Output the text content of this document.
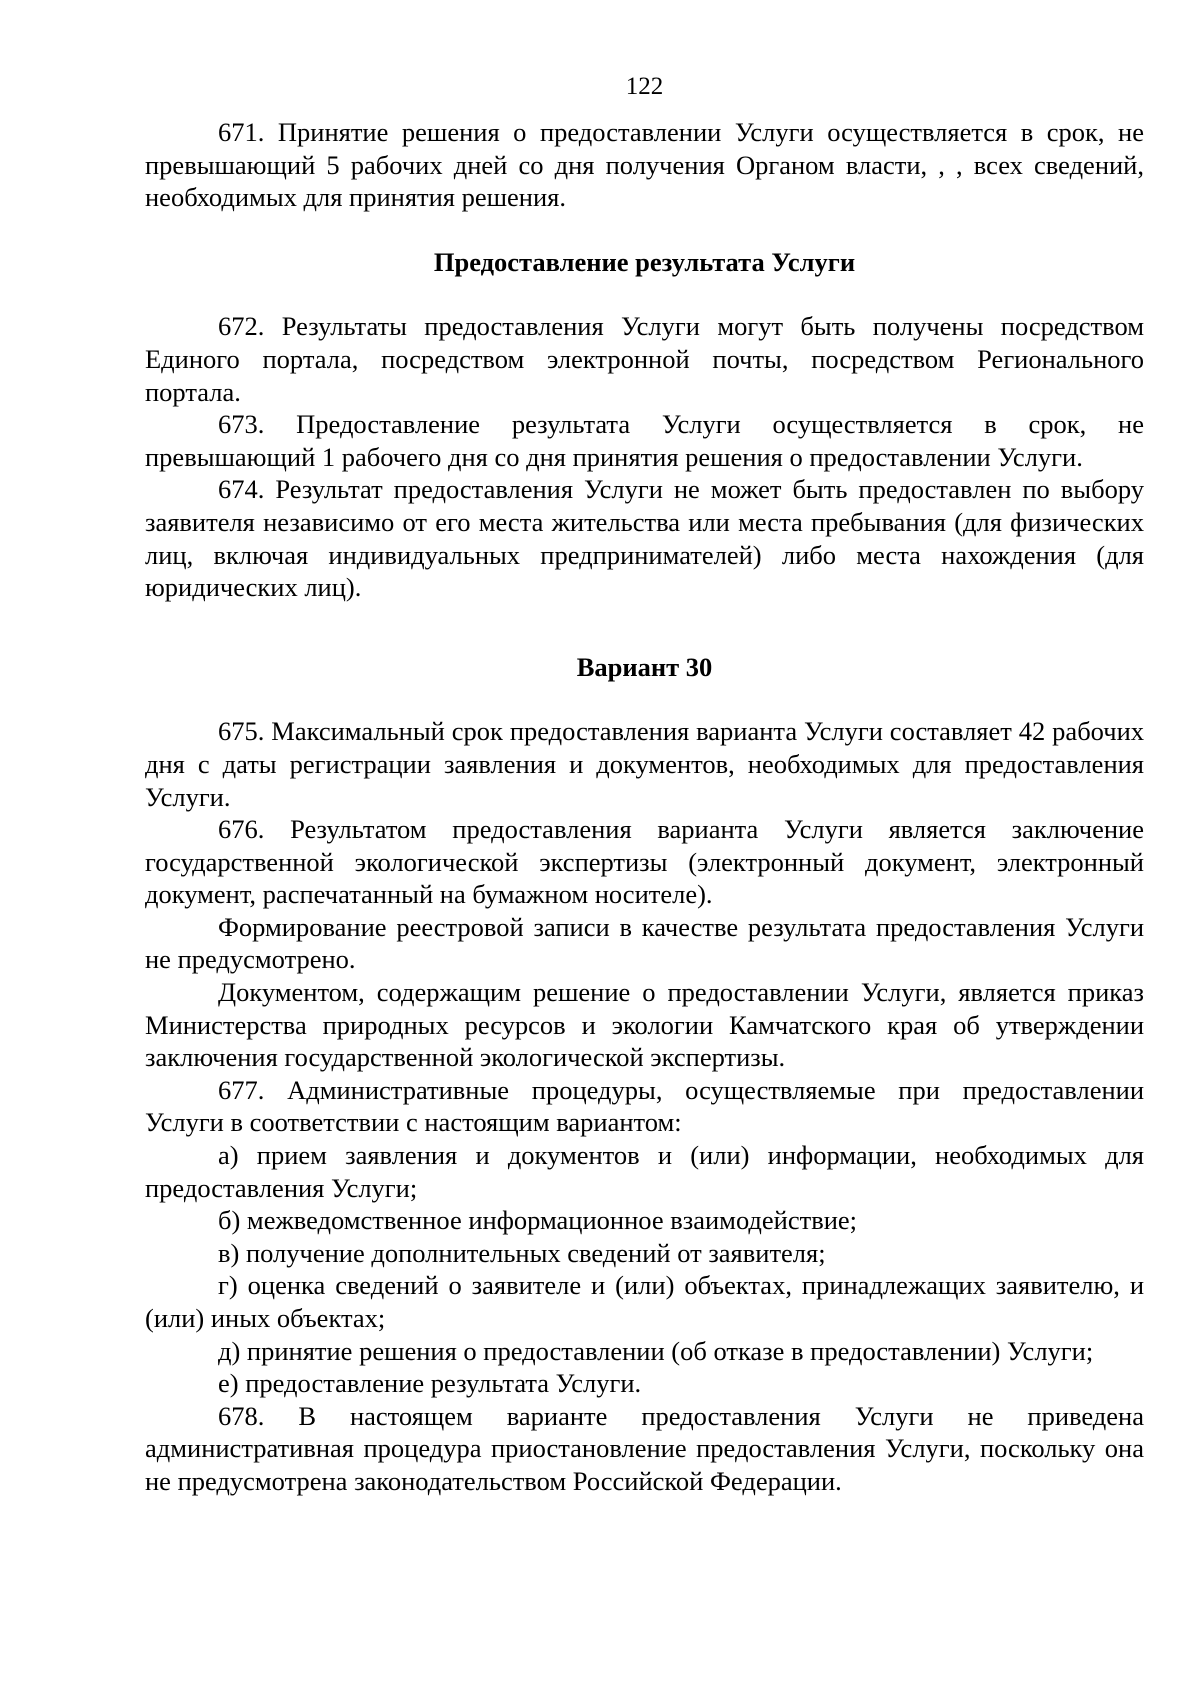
122

671. Принятие решения о предоставлении Услуги осуществляется в срок, не превышающий 5 рабочих дней со дня получения Органом власти, , , всех сведений, необходимых для принятия решения.

Предоставление результата Услуги

672. Результаты предоставления Услуги могут быть получены посредством Единого портала, посредством электронной почты, посредством Регионального портала.

673. Предоставление результата Услуги осуществляется в срок, не превышающий 1 рабочего дня со дня принятия решения о предоставлении Услуги.

674. Результат предоставления Услуги не может быть предоставлен по выбору заявителя независимо от его места жительства или места пребывания (для физических лиц, включая индивидуальных предпринимателей) либо места нахождения (для юридических лиц).

Вариант 30

675. Максимальный срок предоставления варианта Услуги составляет 42 рабочих дня с даты регистрации заявления и документов, необходимых для предоставления Услуги.

676. Результатом предоставления варианта Услуги является заключение государственной экологической экспертизы (электронный документ, электронный документ, распечатанный на бумажном носителе).

Формирование реестровой записи в качестве результата предоставления Услуги не предусмотрено.

Документом, содержащим решение о предоставлении Услуги, является приказ Министерства природных ресурсов и экологии Камчатского края об утверждении заключения государственной экологической экспертизы.

677. Административные процедуры, осуществляемые при предоставлении Услуги в соответствии с настоящим вариантом:

а) прием заявления и документов и (или) информации, необходимых для предоставления Услуги;

б) межведомственное информационное взаимодействие;

в) получение дополнительных сведений от заявителя;

г) оценка сведений о заявителе и (или) объектах, принадлежащих заявителю, и (или) иных объектах;

д) принятие решения о предоставлении (об отказе в предоставлении) Услуги;

е) предоставление результата Услуги.

678. В настоящем варианте предоставления Услуги не приведена административная процедура приостановление предоставления Услуги, поскольку она не предусмотрена законодательством Российской Федерации.
